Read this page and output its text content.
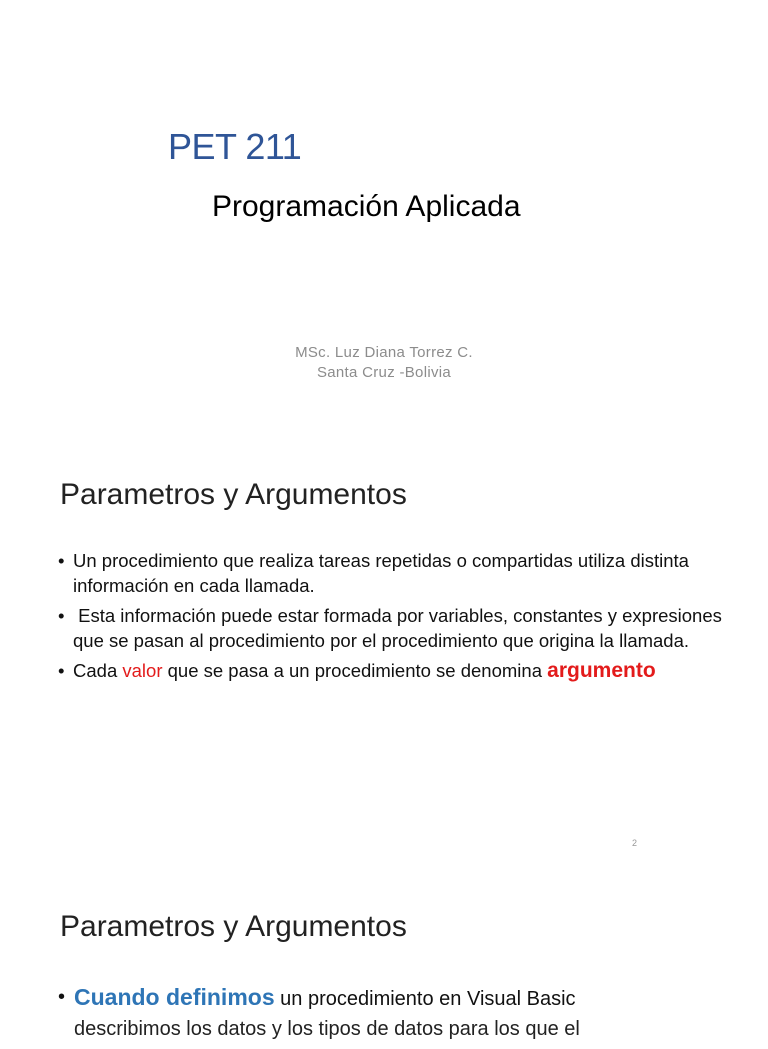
PET 211
Programación Aplicada
MSc. Luz Diana Torrez C.
Santa Cruz -Bolivia
Parametros y Argumentos
• Un procedimiento que realiza tareas repetidas o compartidas utiliza distinta información en cada llamada.
• Esta información puede estar formada por variables, constantes y expresiones que se pasan al procedimiento por el procedimiento que origina la llamada.
• Cada valor que se pasa a un procedimiento se denomina argumento
2
Parametros y Argumentos
• Cuando definimos un procedimiento en Visual Basic
describimos los datos y los tipos de datos para los que el
